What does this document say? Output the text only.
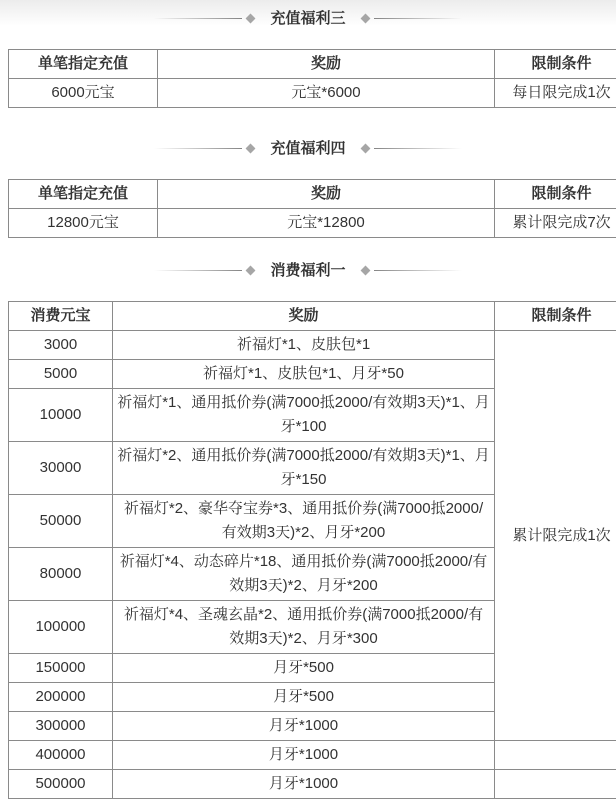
充值福利三
单笔指定充值	奖励	限制条件
6000元宝	元宝*6000	每日限完成1次
充值福利四
单笔指定充值	奖励	限制条件
12800元宝	元宝*12800	累计限完成7次
消费福利一
消费元宝	奖励	限制条件
3000	祈福灯*1、皮肤包*1	累计限完成1次
5000	祈福灯*1、皮肤包*1、月牙*50	
10000	祈福灯*1、通用抵价券(满7000抵2000/有效期3天)*1、月牙*100	
30000	祈福灯*2、通用抵价券(满7000抵2000/有效期3天)*1、月牙*150	
50000	祈福灯*2、豪华夺宝券*3、通用抵价券(满7000抵2000/有效期3天)*2、月牙*200	
80000	祈福灯*4、动态碎片*18、通用抵价券(满7000抵2000/有效期3天)*2、月牙*200	
100000	祈福灯*4、圣魂玄晶*2、通用抵价券(满7000抵2000/有效期3天)*2、月牙*300	
150000	月牙*500	
200000	月牙*500	
300000	月牙*1000	
400000	月牙*1000	
500000	月牙*1000	
